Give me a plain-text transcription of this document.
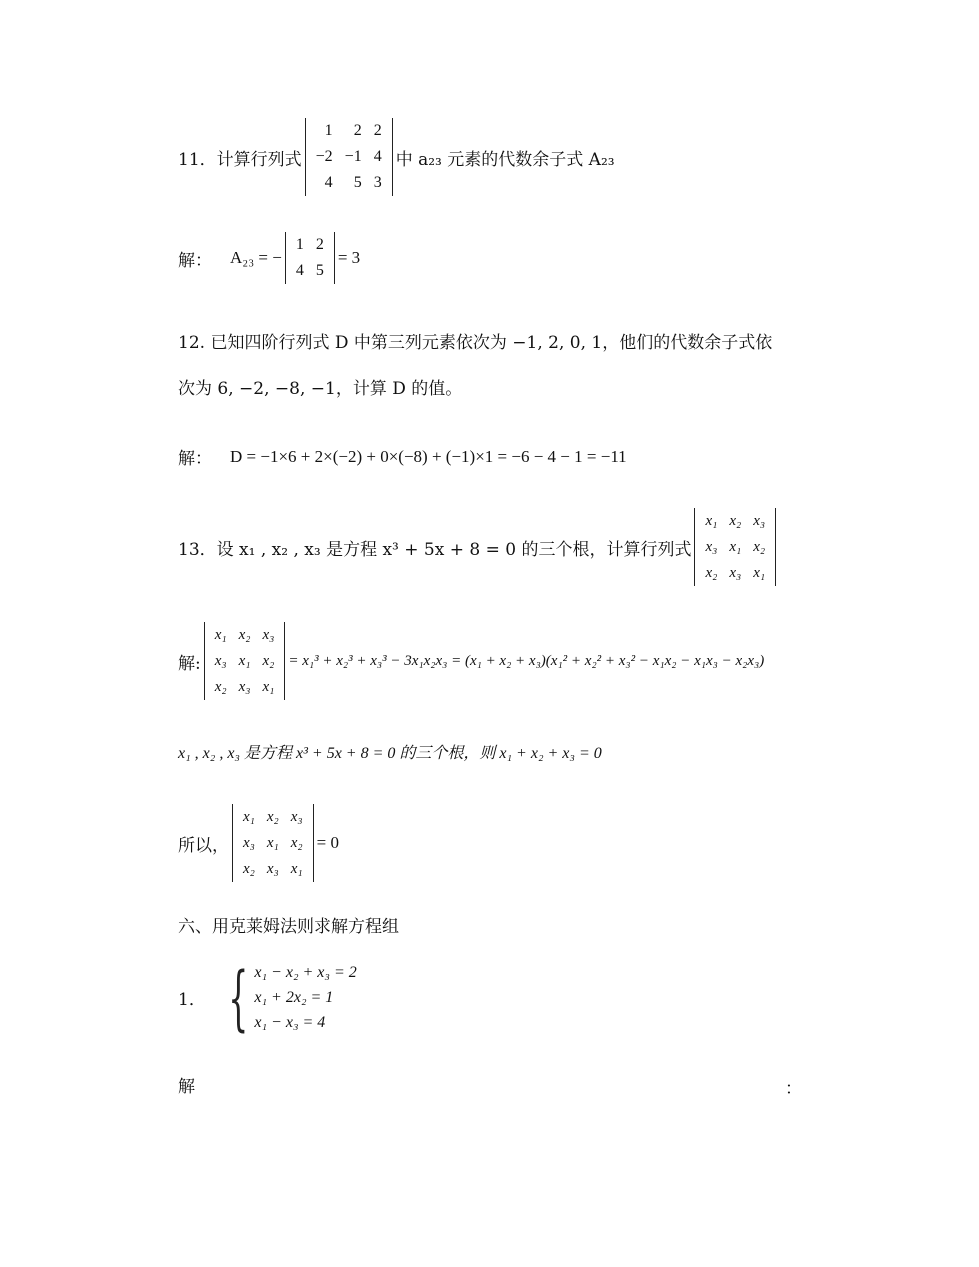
11．计算行列式
1	2	2
−2	−1	4
4	5	3
中 a₂₃ 元素的代数余子式 A₂₃
解： A₂₃ = −
1	2
4	5
= 3
12. 已知四阶行列式 D 中第三列元素依次为 −1, 2, 0, 1，他们的代数余子式依
次为 6, −2, −8, −1，计算 D 的值。
解： D = −1×6 + 2×(−2) + 0×(−8) + (−1)×1 = −6 − 4 − 1 = −11
13．设 x₁ , x₂ , x₃ 是方程 x³ + 5x + 8 = 0 的三个根，计算行列式
x₁	x₂	x₃
x₃	x₁	x₂
x₂	x₃	x₁
解:
x₁	x₂	x₃
x₃	x₁	x₂
x₂	x₃	x₁
= x₁³ + x₂³ + x₃³ − 3x₁x₂x₃ = (x₁ + x₂ + x₃)(x₁² + x₂² + x₃² − x₁x₂ − x₁x₃ − x₂x₃)
x₁ , x₂ , x₃ 是方程 x³ + 5x + 8 = 0 的三个根，则 x₁ + x₂ + x₃ = 0
所以，
x₁	x₂	x₃
x₃	x₁	x₂
x₂	x₃	x₁
= 0
六、用克莱姆法则求解方程组
1． { x₁ − x₂ + x₃ = 2
x₁ + 2x₂ = 1
x₁ − x₃ = 4
解	：
